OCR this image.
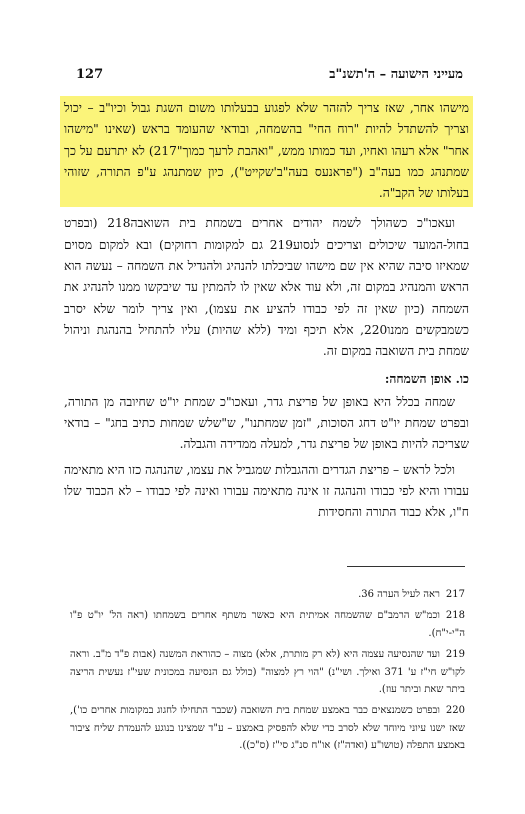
מעייני הישועה – ה'תשנ"ב
127
מישהו אחר, שאז צריך להזהר שלא לפגוע בבעלותו משום השגת גבול וכיו"ב – יכול וצריך להשתדל להיות "רוח החי" בהשמחה, ובודאי שהעומד בראש (שאינו "מישהו אחר" אלא רעהו ואחיו, ועד כמותו ממש, "ואהבת לרעך כמוך"217) לא יתרעם על כך שמתנהג כמו בעה"ב ("פראנעס בעה"ב'שקייט"), כיון שמתנהג ע"פ התורה, שזוהי בעלותו של הקב"ה.

ועאכו"כ כשהולך לשמח יהודים אחרים בשמחת בית השואבה218 (ובפרט בחול-המועד שיכולים וצריכים לנסוע219 גם למקומות רחוקים) ובא למקום מסוים שמאיזו סיבה שהיא אין שם מישהו שביכלתו להנהיג ולהגדיל את השמחה – נעשה הוא הראש והמנהיג במקום זה, ולא עוד אלא שאין לו להמתין עד שיבקשו ממנו להנהיג את השמחה (כיון שאין זה לפי כבודו להציע את עצמו), ואין צריך לומר שלא יסרב כשמבקשים ממנו220, אלא תיכף ומיד (ללא שהיות) עליו להתחיל בהנהגת וניהול שמחת בית השואבה במקום זה.

כו. אופן השמחה:

שמחה בכלל היא באופן של פריצת גדר, ועאכו"כ שמחת יו"ט שחיובה מן התורה, ובפרט שמחת יו"ט דחג הסוכות, "זמן שמחתנו", ש"שלש שמחות כתיב בחג" – בודאי שצריכה להיות באופן של פריצת גדר, למעלה ממדידה והגבלה.

ולכל לראש – פריצת הגדרים וההגבלות שמגביל את עצמו, שהנהגה כזו היא מתאימה עבורו והיא לפי כבודו והנהגה זו אינה מתאימה עבורו ואינה לפי כבודו – לא הכבוד שלו ח"ו, אלא כבוד התורה והחסידות

217ראה לעיל הערה 36.

218וכמ"ש הרמב"ם שהשמחה אמיתית היא כאשר משתף אחרים בשמחתו (ראה הל' יו"ט פ"ו ה"י-י"ח).

219ועד שהנסיעה עצמה היא (לא רק מותרת, אלא) מצוה – כהוראת המשנה (אבות פ"ד מ"ב. וראה לקו"ש חי"ז ע' 371 ואילך. ושי"נ) "הוי רץ למצוה" (כולל גם הנסיעה במכונית שעי"ז נעשית הריצה ביתר שאת וביתר עוז).

220ובפרט כשמנצאים כבר באמצע שמחת בית השואבה (שכבר התחילו לחגוג במקומות אחרים כו'), שאז ישנו עיוני מיוחד שלא לסרב כדי שלא להפסיק באמצע – ע"ד שמצינו בנוגע להעמדת שליח ציבור באמצע התפלה (טושו"ע (ואדה"ז) או"ח סנ"ג סי"ז (ס"כ)).
